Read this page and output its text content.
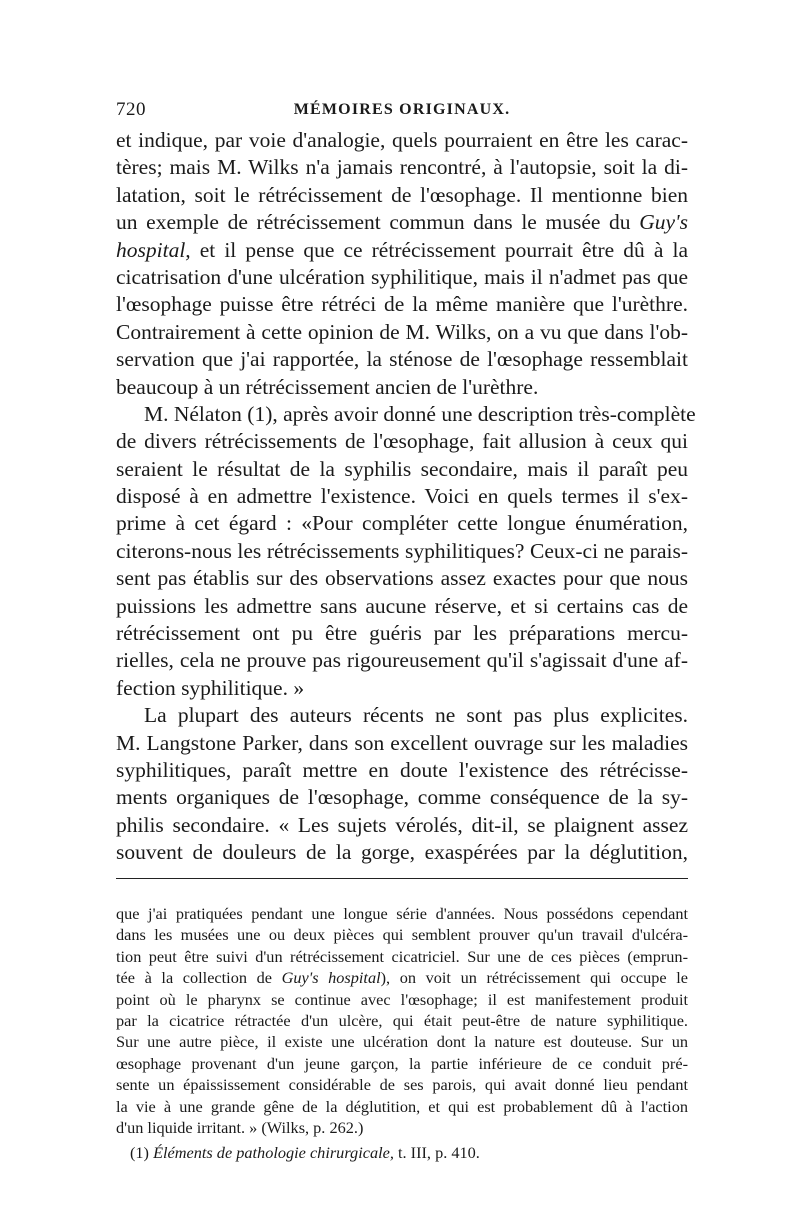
720	MÉMOIRES ORIGINAUX.
et indique, par voie d'analogie, quels pourraient en être les carac-
tères; mais M. Wilks n'a jamais rencontré, à l'autopsie, soit la di-
latation, soit le rétrécissement de l'œsophage. Il mentionne bien
un exemple de rétrécissement commun dans le musée du Guy's
hospital, et il pense que ce rétrécissement pourrait être dû à la
cicatrisation d'une ulcération syphilitique, mais il n'admet pas que
l'œsophage puisse être rétréci de la même manière que l'urèthre.
Contrairement à cette opinion de M. Wilks, on a vu que dans l'ob-
servation que j'ai rapportée, la sténose de l'œsophage ressemblait
beaucoup à un rétrécissement ancien de l'urèthre.
M. Nélaton (1), après avoir donné une description très-complète
de divers rétrécissements de l'œsophage, fait allusion à ceux qui
seraient le résultat de la syphilis secondaire, mais il paraît peu
disposé à en admettre l'existence. Voici en quels termes il s'ex-
prime à cet égard : «Pour compléter cette longue énumération,
citerons-nous les rétrécissements syphilitiques? Ceux-ci ne parais-
sent pas établis sur des observations assez exactes pour que nous
puissions les admettre sans aucune réserve, et si certains cas de
rétrécissement ont pu être guéris par les préparations mercu-
rielles, cela ne prouve pas rigoureusement qu'il s'agissait d'une af-
fection syphilitique. »
La plupart des auteurs récents ne sont pas plus explicites.
M. Langstone Parker, dans son excellent ouvrage sur les maladies
syphilitiques, paraît mettre en doute l'existence des rétrécisse-
ments organiques de l'œsophage, comme conséquence de la sy-
philis secondaire. « Les sujets vérolés, dit-il, se plaignent assez
souvent de douleurs de la gorge, exaspérées par la déglutition,
que j'ai pratiquées pendant une longue série d'années. Nous possédons cependant
dans les musées une ou deux pièces qui semblent prouver qu'un travail d'ulcéra-
tion peut être suivi d'un rétrécissement cicatriciel. Sur une de ces pièces (emprun-
tée à la collection de Guy's hospital), on voit un rétrécissement qui occupe le
point où le pharynx se continue avec l'œsophage; il est manifestement produit
par la cicatrice rétractée d'un ulcère, qui était peut-être de nature syphilitique.
Sur une autre pièce, il existe une ulcération dont la nature est douteuse. Sur un
œsophage provenant d'un jeune garçon, la partie inférieure de ce conduit pré-
sente un épaississement considérable de ses parois, qui avait donné lieu pendant
la vie à une grande gêne de la déglutition, et qui est probablement dû à l'action
d'un liquide irritant. » (Wilks, p. 262.)
(1) Éléments de pathologie chirurgicale, t. III, p. 410.
